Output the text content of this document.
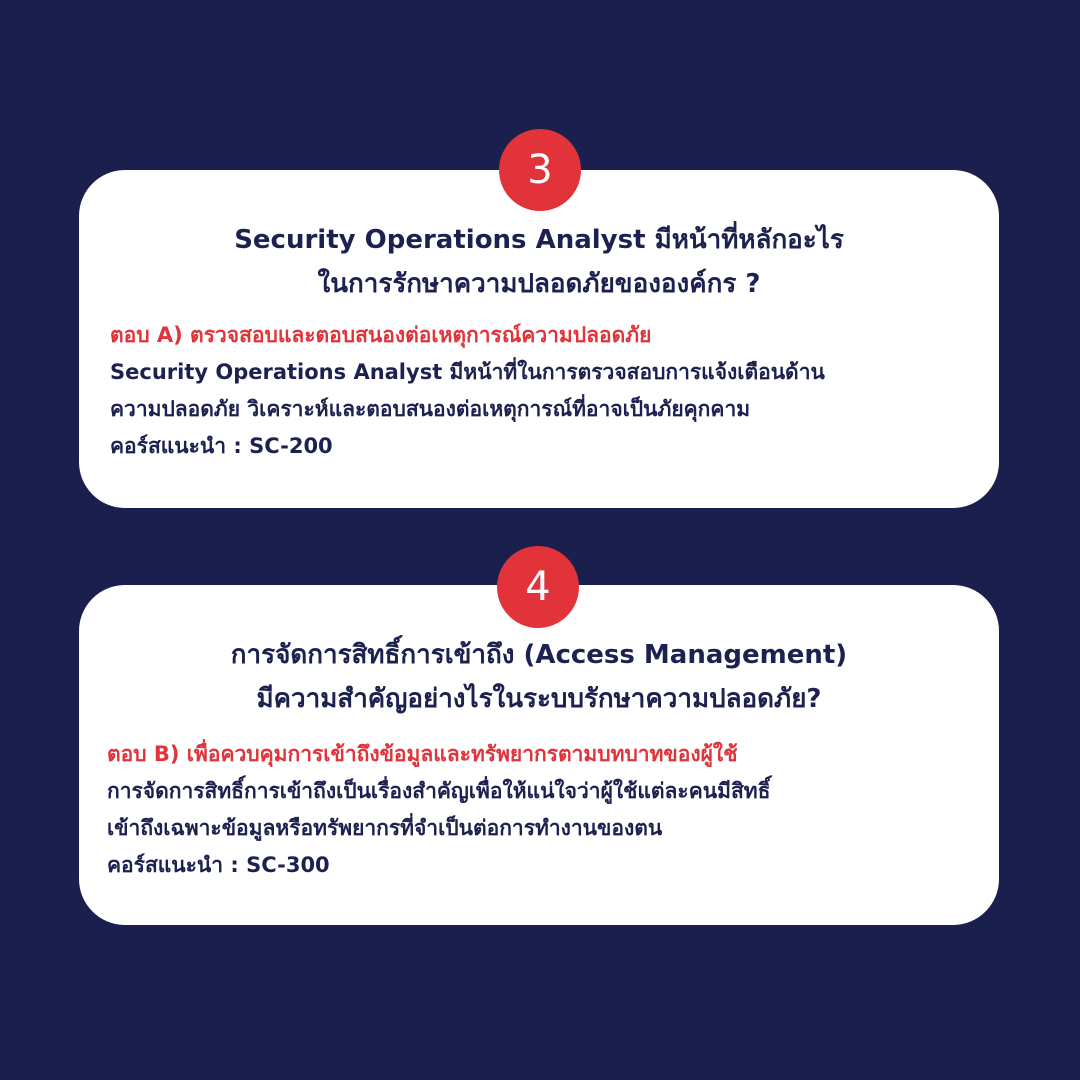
Security Operations Analyst มีหน้าที่หลักอะไร
ในการรักษาความปลอดภัยขององค์กร ?
ตอบ A) ตรวจสอบและตอบสนองต่อเหตุการณ์ความปลอดภัย
Security Operations Analyst มีหน้าที่ในการตรวจสอบการแจ้งเตือนด้าน
ความปลอดภัย วิเคราะห์และตอบสนองต่อเหตุการณ์ที่อาจเป็นภัยคุกคาม
คอร์สแนะนำ : SC-200
3
การจัดการสิทธิ์การเข้าถึง (Access Management)
มีความสำคัญอย่างไรในระบบรักษาความปลอดภัย?
ตอบ B) เพื่อควบคุมการเข้าถึงข้อมูลและทรัพยากรตามบทบาทของผู้ใช้
การจัดการสิทธิ์การเข้าถึงเป็นเรื่องสำคัญเพื่อให้แน่ใจว่าผู้ใช้แต่ละคนมีสิทธิ์
เข้าถึงเฉพาะข้อมูลหรือทรัพยากรที่จำเป็นต่อการทำงานของตน
คอร์สแนะนำ : SC-300
4
